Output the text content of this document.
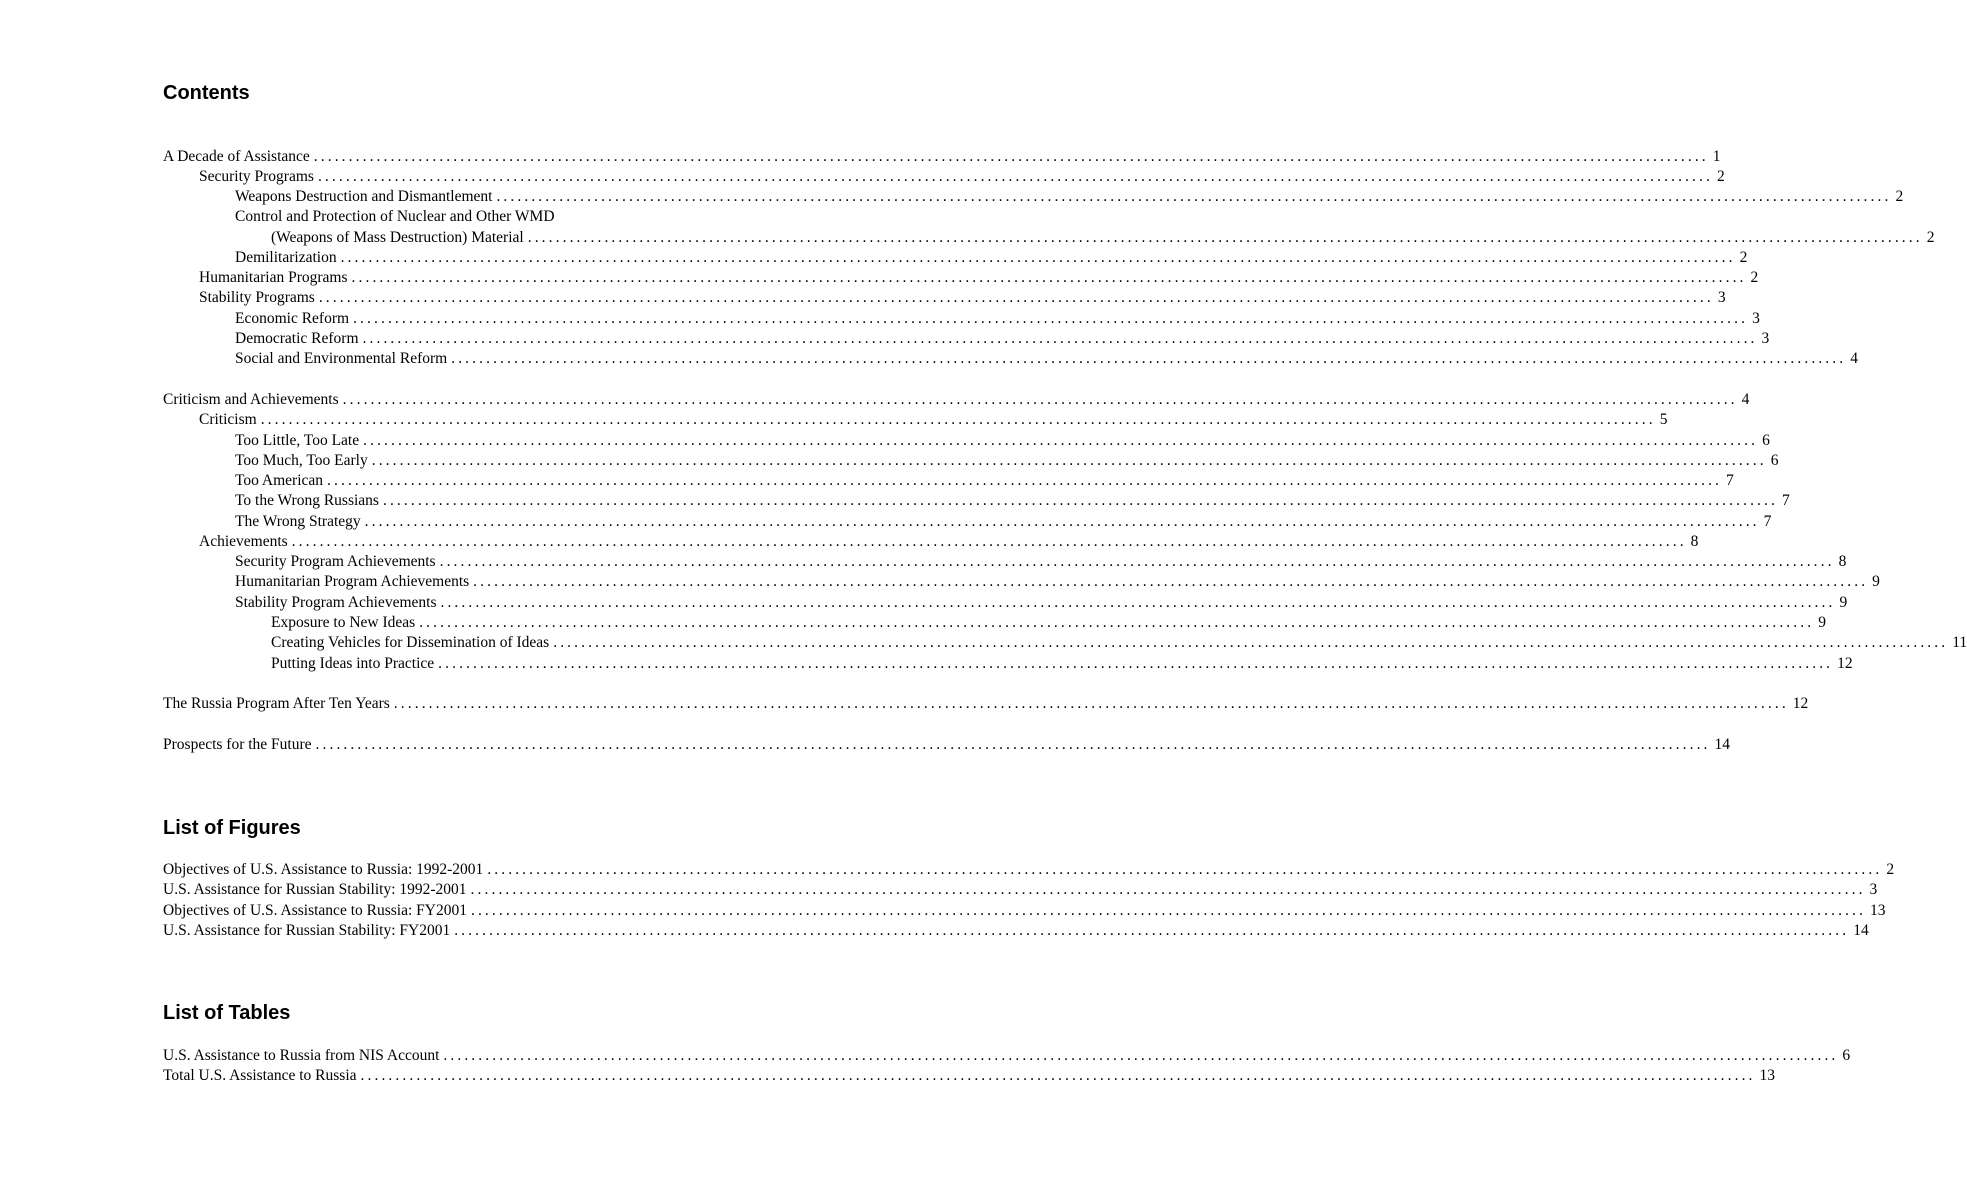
Contents
A Decade of Assistance ........................................................................................................................................................................................................ 1
Security Programs ........................................................................................................................................................................................................ 2
Weapons Destruction and Dismantlement ........................................................................................................................................................................................................ 2
Control and Protection of Nuclear and Other WMD
(Weapons of Mass Destruction) Material ........................................................................................................................................................................................................ 2
Demilitarization ........................................................................................................................................................................................................ 2
Humanitarian Programs ........................................................................................................................................................................................................ 2
Stability Programs ........................................................................................................................................................................................................ 3
Economic Reform ........................................................................................................................................................................................................ 3
Democratic Reform ........................................................................................................................................................................................................ 3
Social and Environmental Reform ........................................................................................................................................................................................................ 4
Criticism and Achievements ........................................................................................................................................................................................................ 4
Criticism ........................................................................................................................................................................................................ 5
Too Little, Too Late ........................................................................................................................................................................................................ 6
Too Much, Too Early ........................................................................................................................................................................................................ 6
Too American ........................................................................................................................................................................................................ 7
To the Wrong Russians ........................................................................................................................................................................................................ 7
The Wrong Strategy ........................................................................................................................................................................................................ 7
Achievements ........................................................................................................................................................................................................ 8
Security Program Achievements ........................................................................................................................................................................................................ 8
Humanitarian Program Achievements ........................................................................................................................................................................................................ 9
Stability Program Achievements ........................................................................................................................................................................................................ 9
Exposure to New Ideas ........................................................................................................................................................................................................ 9
Creating Vehicles for Dissemination of Ideas ........................................................................................................................................................................................................ 11
Putting Ideas into Practice ........................................................................................................................................................................................................ 12
The Russia Program After Ten Years ........................................................................................................................................................................................................ 12
Prospects for the Future ........................................................................................................................................................................................................ 14
List of Figures
Objectives of U.S. Assistance to Russia: 1992-2001 ........................................................................................................................................................................................................ 2
U.S. Assistance for Russian Stability: 1992-2001 ........................................................................................................................................................................................................ 3
Objectives of U.S. Assistance to Russia: FY2001 ........................................................................................................................................................................................................ 13
U.S. Assistance for Russian Stability: FY2001 ........................................................................................................................................................................................................ 14
List of Tables
U.S. Assistance to Russia from NIS Account ........................................................................................................................................................................................................ 6
Total U.S. Assistance to Russia ........................................................................................................................................................................................................ 13
